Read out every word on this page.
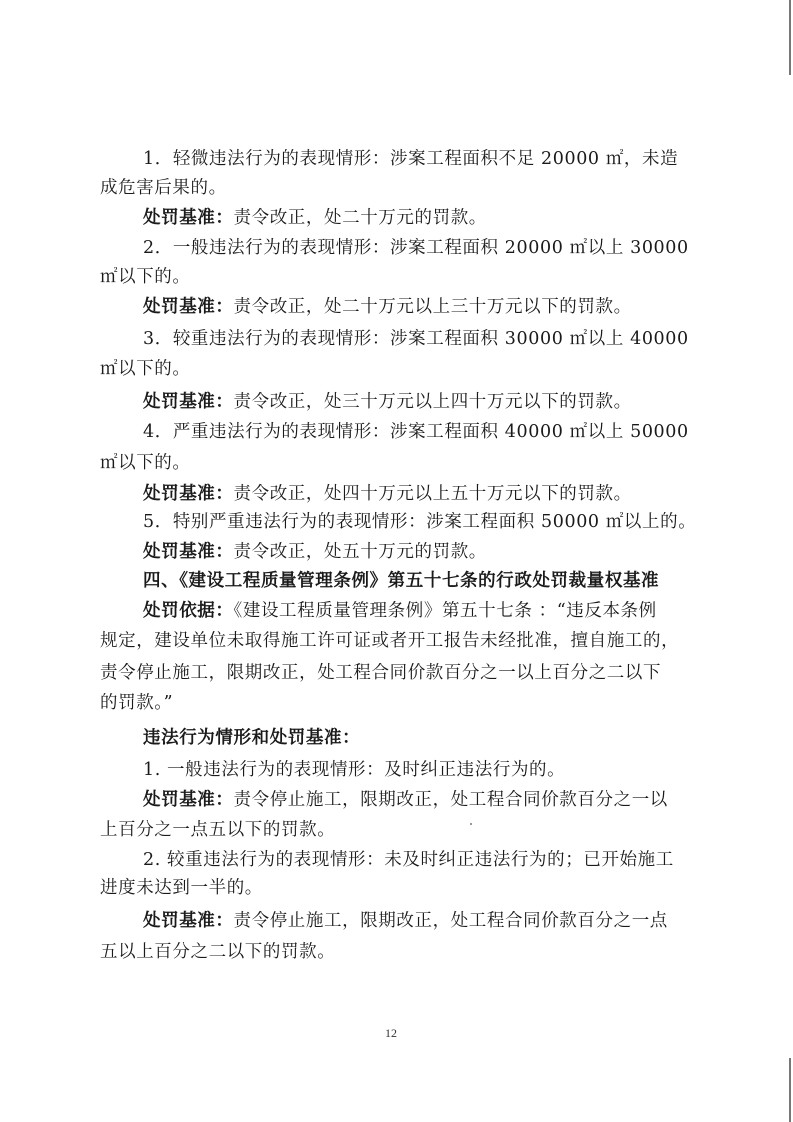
1．轻微违法行为的表现情形：涉案工程面积不足 20000 ㎡，未造
成危害后果的。
处罚基准：责令改正，处二十万元的罚款。
2．一般违法行为的表现情形：涉案工程面积 20000 ㎡以上 30000
㎡以下的。
处罚基准：责令改正，处二十万元以上三十万元以下的罚款。
3．较重违法行为的表现情形：涉案工程面积 30000 ㎡以上 40000
㎡以下的。
处罚基准：责令改正，处三十万元以上四十万元以下的罚款。
4．严重违法行为的表现情形：涉案工程面积 40000 ㎡以上 50000
㎡以下的。
处罚基准：责令改正，处四十万元以上五十万元以下的罚款。
5．特别严重违法行为的表现情形：涉案工程面积 50000 ㎡以上的。
处罚基准：责令改正，处五十万元的罚款。
四、《建设工程质量管理条例》第五十七条的行政处罚裁量权基准
处罚依据：《建设工程质量管理条例》第五十七条 ：“违反本条例
规定，建设单位未取得施工许可证或者开工报告未经批准，擅自施工的，
责令停止施工，限期改正，处工程合同价款百分之一以上百分之二以下
的罚款。”
违法行为情形和处罚基准：
1. 一般违法行为的表现情形：及时纠正违法行为的。
处罚基准：责令停止施工，限期改正，处工程合同价款百分之一以
上百分之一点五以下的罚款。
2. 较重违法行为的表现情形：未及时纠正违法行为的；已开始施工
进度未达到一半的。
处罚基准：责令停止施工，限期改正，处工程合同价款百分之一点
五以上百分之二以下的罚款。
12
